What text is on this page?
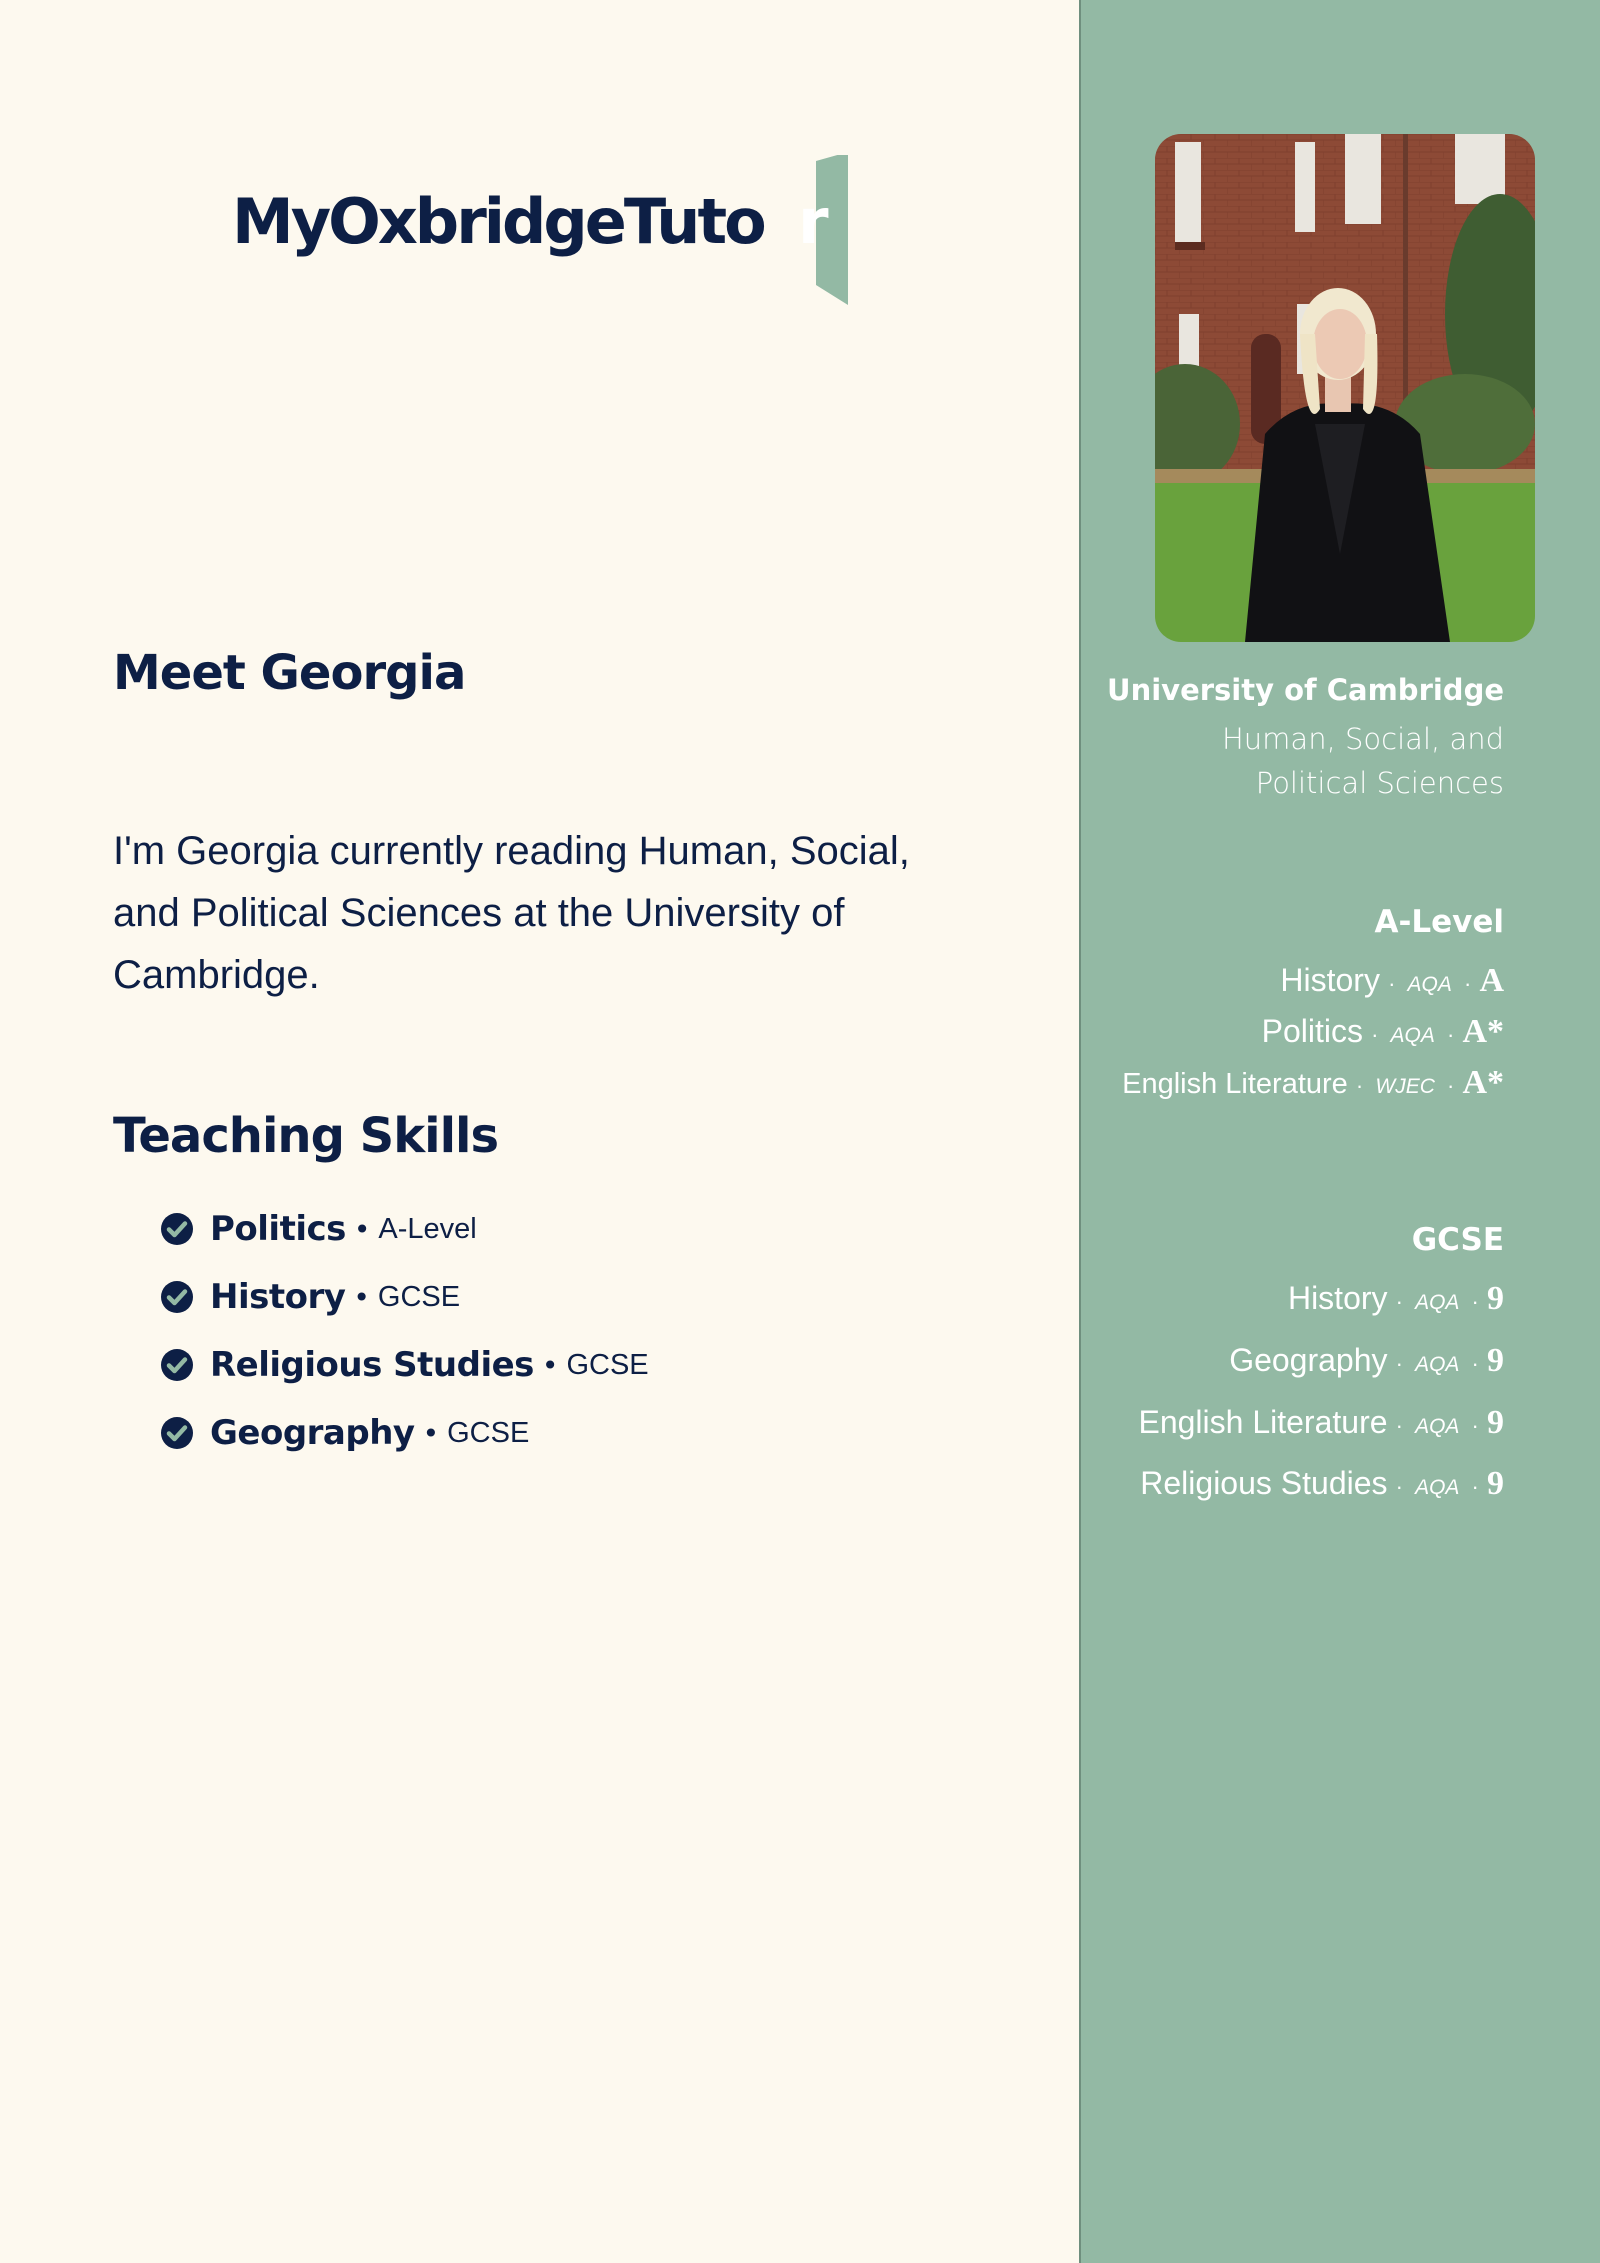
MyOxbridgeTuto r
Meet Georgia

I'm Georgia currently reading Human, Social, and Political Sciences at the University of Cambridge.

Teaching Skills
Politics • A-Level
History • GCSE
Religious Studies • GCSE
Geography • GCSE
University of Cambridge
Human, Social, and
Political Sciences
A-Level
History · AQA · A
Politics · AQA · A*
English Literature · WJEC · A*
GCSE
History · AQA · 9
Geography · AQA · 9
English Literature · AQA · 9
Religious Studies · AQA · 9
